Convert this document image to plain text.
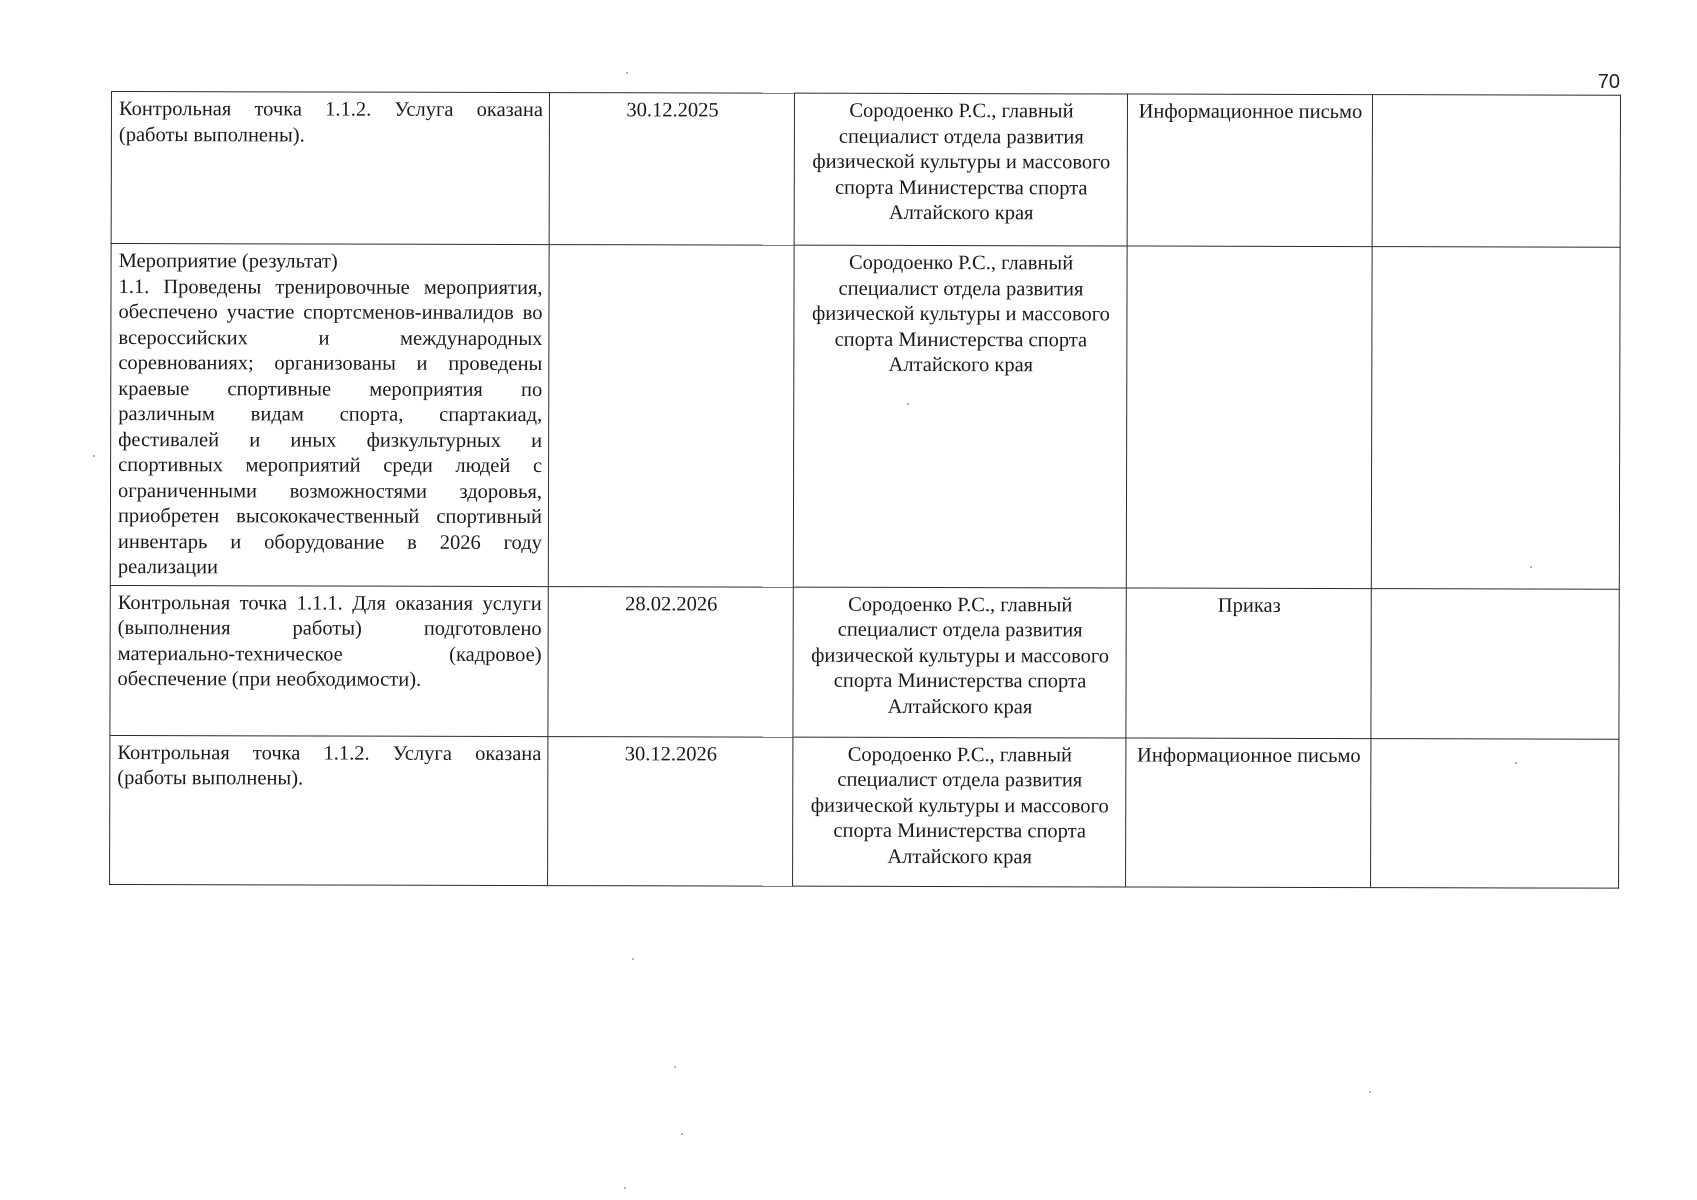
70
Контрольная точка 1.1.2. Услуга оказана (работы выполнены).	30.12.2025	Сородоенко Р.С., главный специалист отдела развития физической культуры и массового спорта Министерства спорта Алтайского края	Информационное письмо	

Мероприятие (результат)
1.1. Проведены тренировочные мероприятия, обеспечено участие спортсменов-инвалидов во всероссийских и международных соревнованиях; организованы и проведены краевые спортивные мероприятия по различным видам спорта, спартакиад, фестивалей и иных физкультурных и спортивных мероприятий среди людей с ограниченными возможностями здоровья, приобретен высококачественный спортивный инвентарь и оборудование в 2026 году реализации		Сородоенко Р.С., главный специалист отдела развития физической культуры и массового спорта Министерства спорта Алтайского края		

Контрольная точка 1.1.1. Для оказания услуги (выполнения работы) подготовлено материально-техническое (кадровое) обеспечение (при необходимости).	28.02.2026	Сородоенко Р.С., главный специалист отдела развития физической культуры и массового спорта Министерства спорта Алтайского края	Приказ	

Контрольная точка 1.1.2. Услуга оказана (работы выполнены).	30.12.2026	Сородоенко Р.С., главный специалист отдела развития физической культуры и массового спорта Министерства спорта Алтайского края	Информационное письмо	
